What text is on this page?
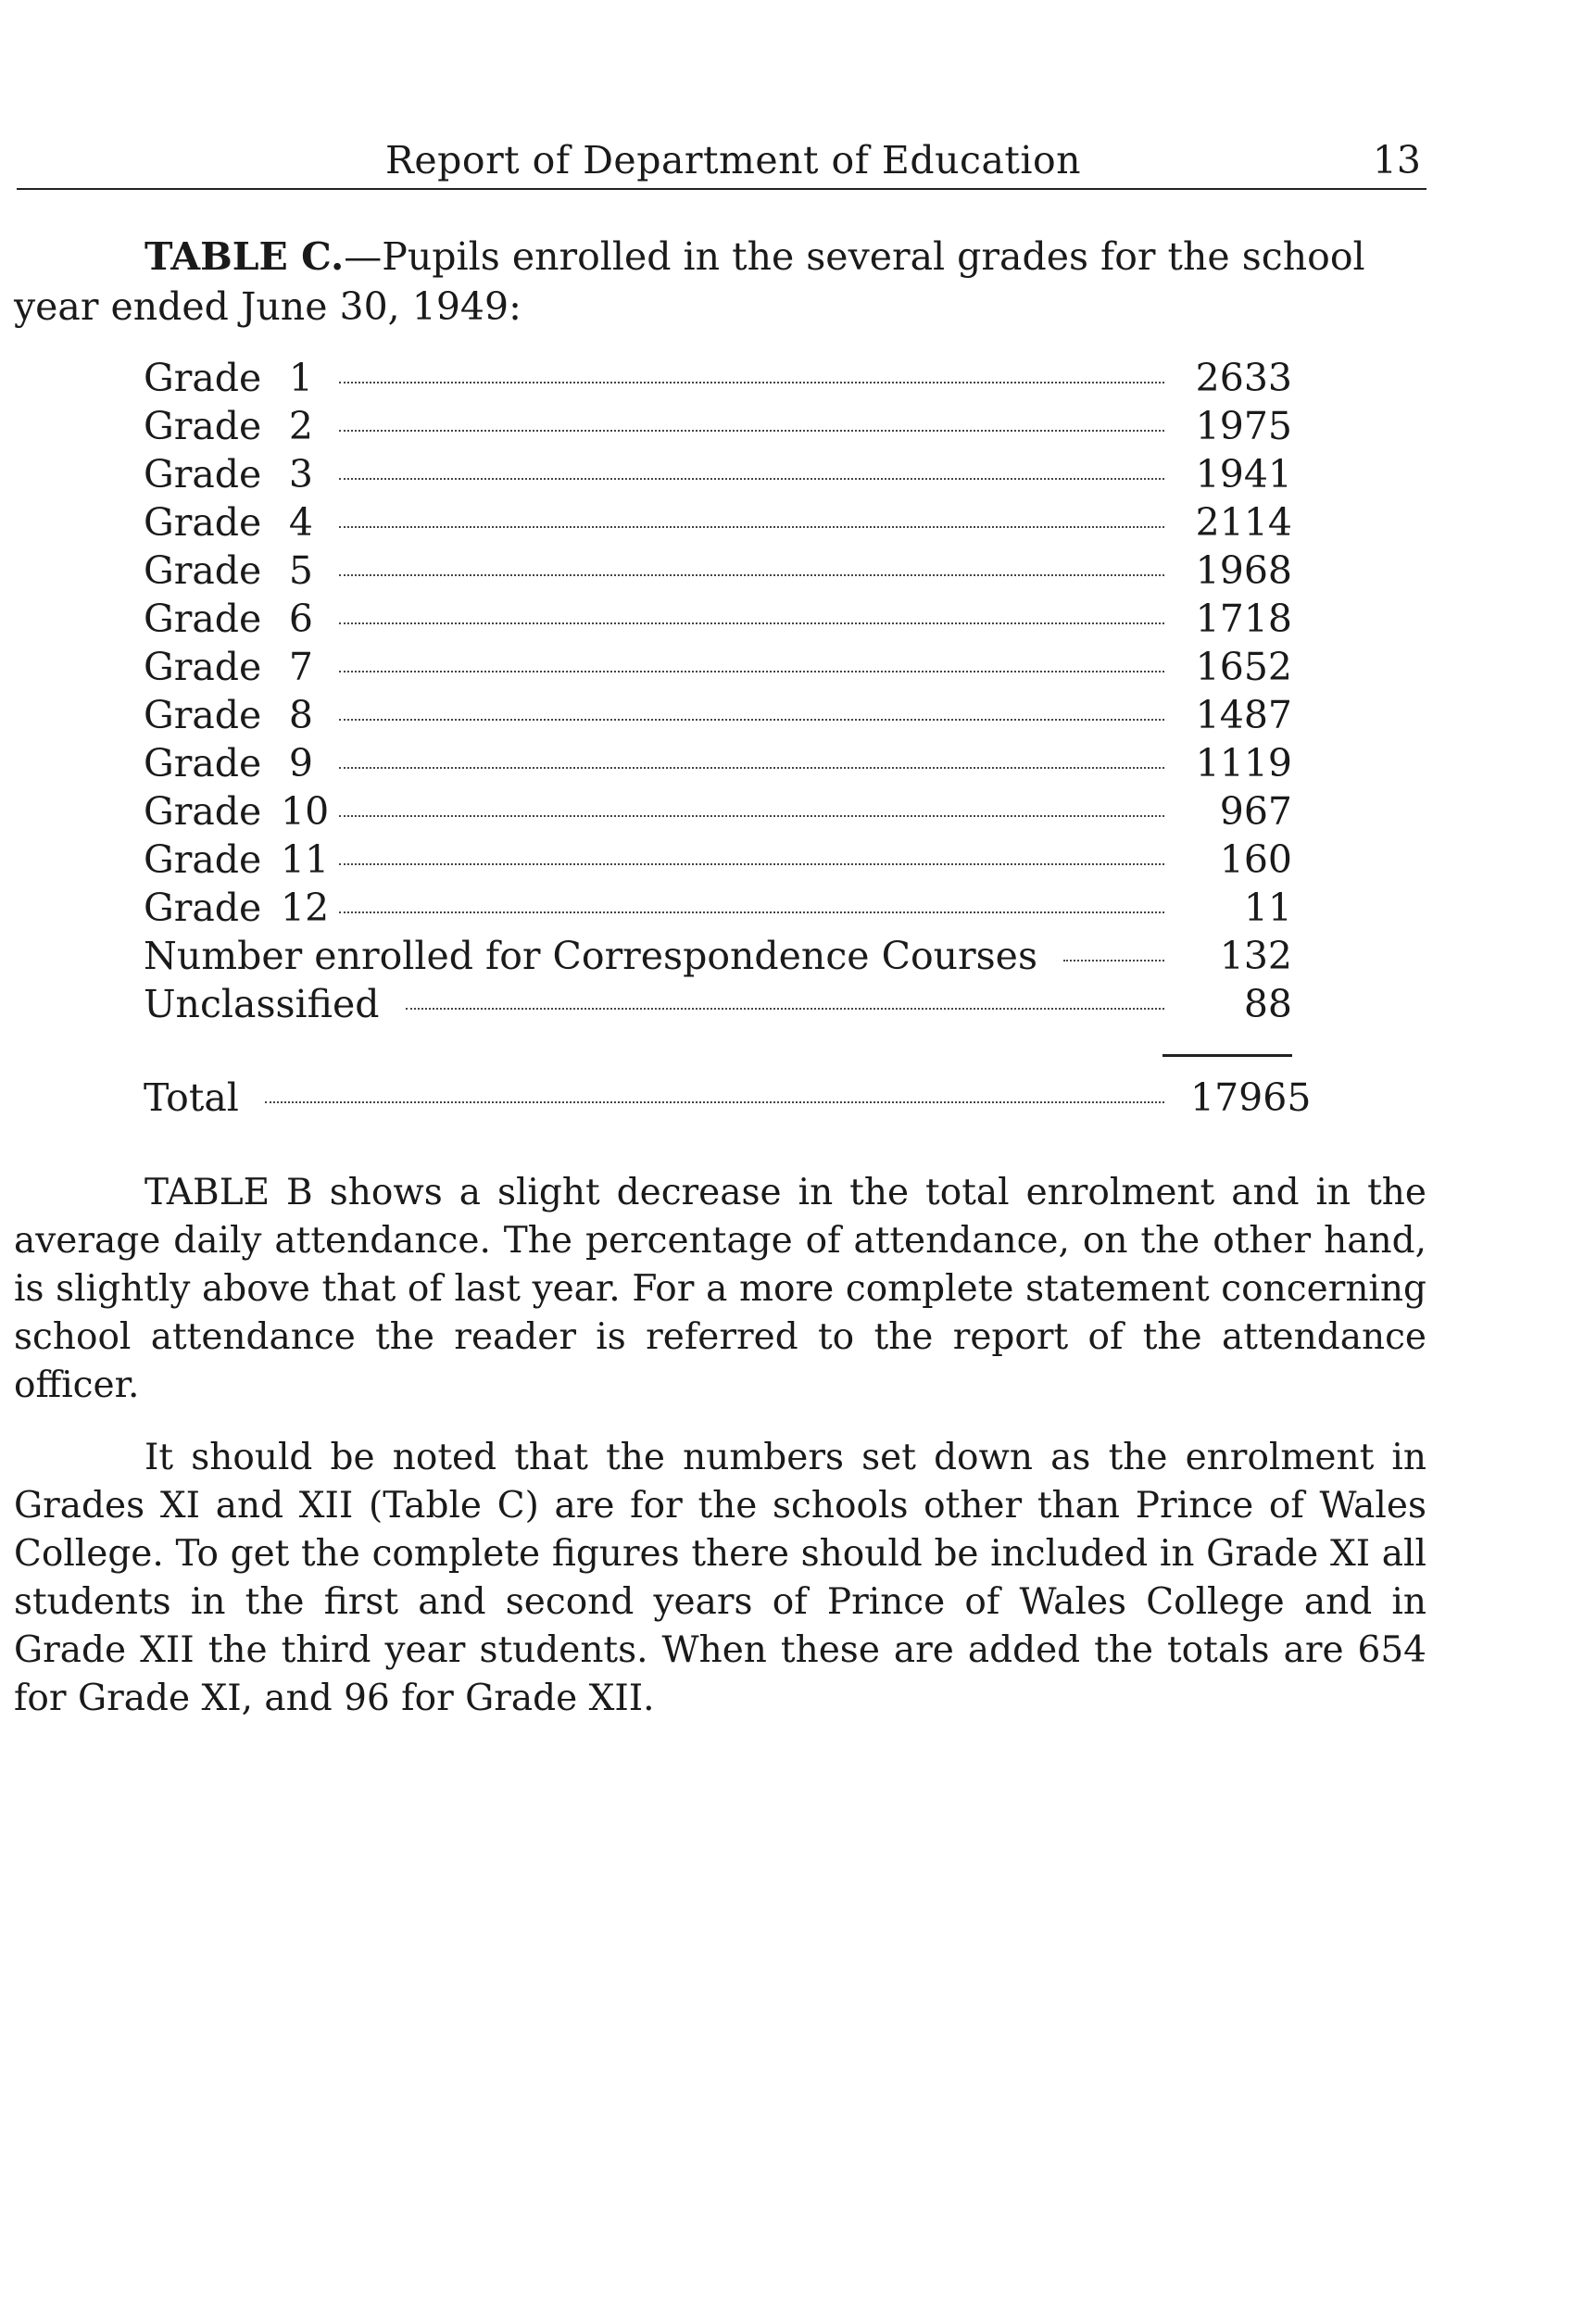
Report of Department of Education	13

TABLE C.—Pupils enrolled in the several grades for the school

year ended June 30, 1949:

Grade 1	2633
Grade 2	1975
Grade 3	1941
Grade 4	2114
Grade 5	1968
Grade 6	1718
Grade 7	1652
Grade 8	1487
Grade 9	1119
Grade 10	967
Grade 11	160
Grade 12	11
Number enrolled for Correspondence Courses	132
Unclassified	88
Total	17965

TABLE B shows a slight decrease in the total enrolment and in the average daily attendance. The percentage of attendance, on the other hand, is slightly above that of last year. For a more complete statement concerning school attendance the reader is referred to the report of the attendance officer.

It should be noted that the numbers set down as the enrolment in Grades XI and XII (Table C) are for the schools other than Prince of Wales College. To get the complete figures there should be included in Grade XI all students in the first and second years of Prince of Wales College and in Grade XII the third year students. When these are added the totals are 654 for Grade XI, and 96 for Grade XII.
